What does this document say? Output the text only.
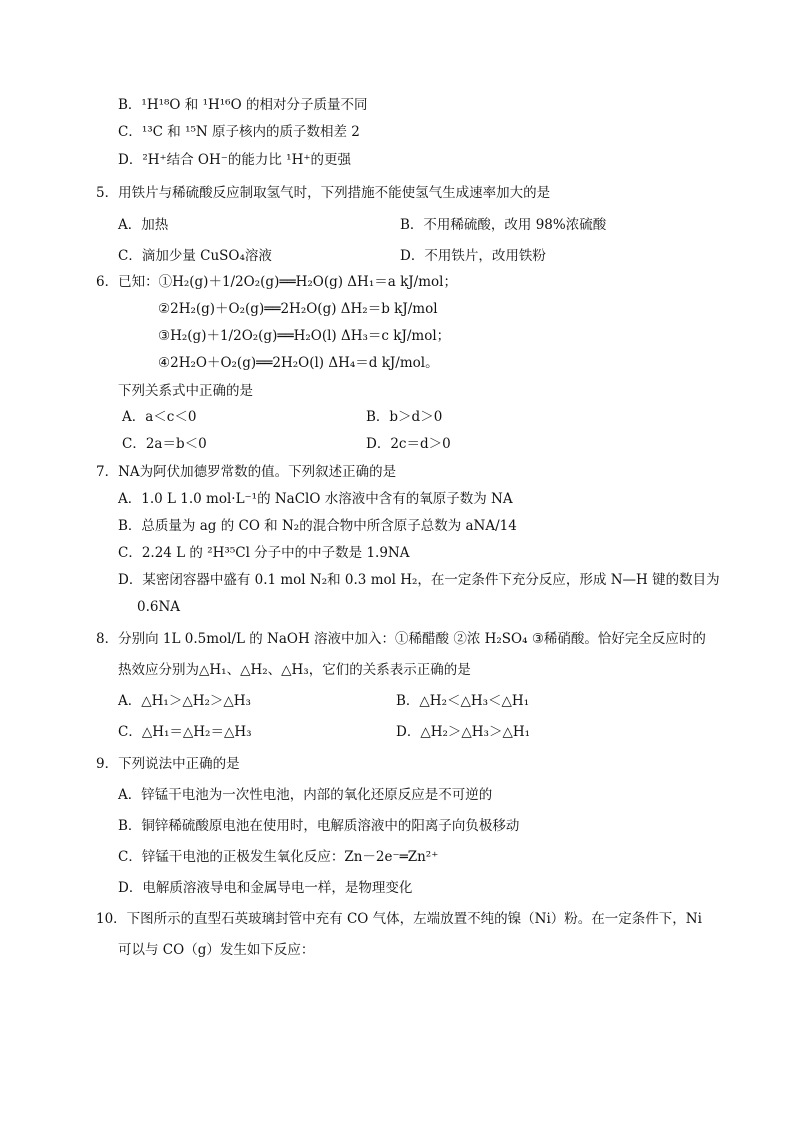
B．¹H¹⁸O 和 ¹H¹⁶O 的相对分子质量不同
C．¹³C 和 ¹⁵N 原子核内的质子数相差 2
D．²H⁺结合 OH⁻的能力比 ¹H⁺的更强
5．用铁片与稀硫酸反应制取氢气时，下列措施不能使氢气生成速率加大的是
A．加热	B．不用稀硫酸，改用 98%浓硫酸
C．滴加少量 CuSO₄溶液	D．不用铁片，改用铁粉
6．已知：①H₂(g)＋1/2O₂(g)══H₂O(g) ΔH₁＝a kJ/mol；
②2H₂(g)＋O₂(g)══2H₂O(g) ΔH₂＝b kJ/mol
③H₂(g)＋1/2O₂(g)══H₂O(l) ΔH₃＝c kJ/mol；
④2H₂O＋O₂(g)══2H₂O(l) ΔH₄＝d kJ/mol。
下列关系式中正确的是
A．a＜c＜0	B．b＞d＞0
C．2a＝b＜0	D．2c＝d＞0
7．NA为阿伏加德罗常数的值。下列叙述正确的是
A．1.0 L 1.0 mol·L⁻¹的 NaClO 水溶液中含有的氧原子数为 NA
B．总质量为 ag 的 CO 和 N₂的混合物中所含原子总数为 aNA/14
C．2.24 L 的 ²H³⁵Cl 分子中的中子数是 1.9NA
D．某密闭容器中盛有 0.1 mol N₂和 0.3 mol H₂，在一定条件下充分反应，形成 N—H 键的数目为
0.6NA
8．分别向 1L 0.5mol/L 的 NaOH 溶液中加入：①稀醋酸 ②浓 H₂SO₄ ③稀硝酸。恰好完全反应时的
热效应分别为△H₁、△H₂、△H₃，它们的关系表示正确的是
A．△H₁＞△H₂＞△H₃	B．△H₂＜△H₃＜△H₁
C．△H₁＝△H₂＝△H₃	D．△H₂＞△H₃＞△H₁
9．下列说法中正确的是
A．锌锰干电池为一次性电池，内部的氧化还原反应是不可逆的
B．铜锌稀硫酸原电池在使用时，电解质溶液中的阳离子向负极移动
C．锌锰干电池的正极发生氧化反应：Zn－2e⁻═Zn²⁺
D．电解质溶液导电和金属导电一样，是物理变化
10．下图所示的直型石英玻璃封管中充有 CO 气体，左端放置不纯的镍（Ni）粉。在一定条件下，Ni
可以与 CO（g）发生如下反应：
